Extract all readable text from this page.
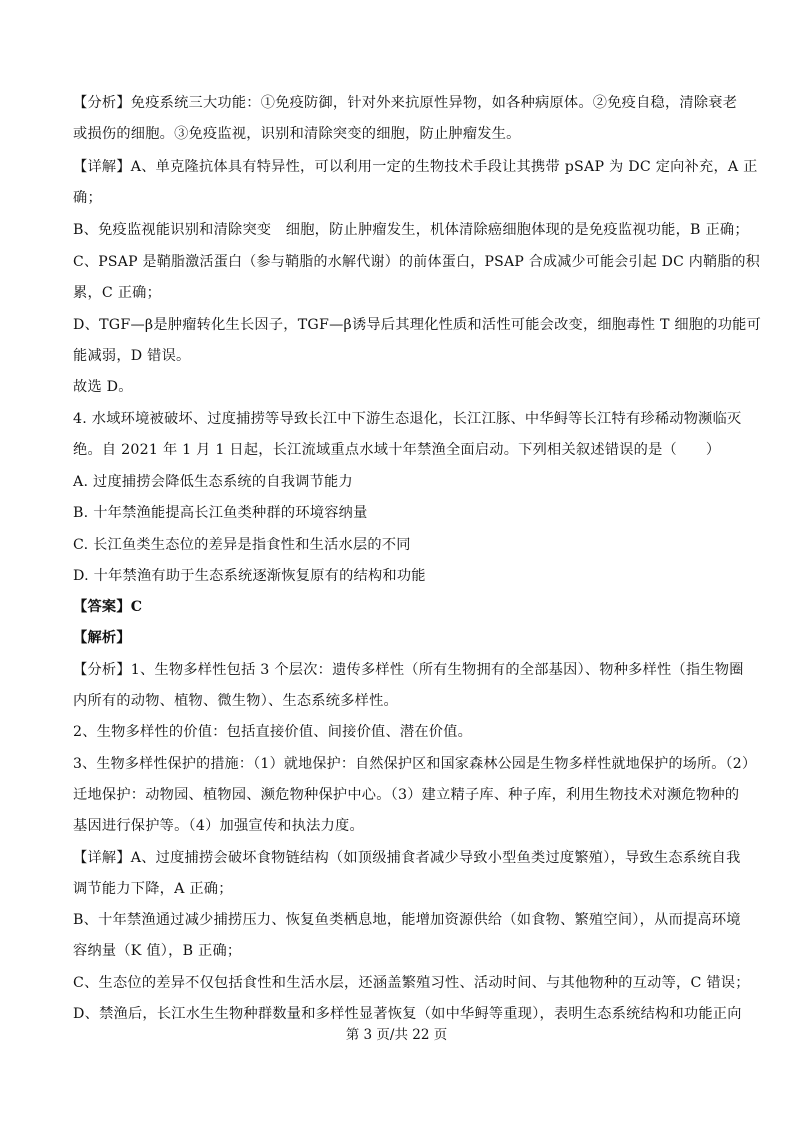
【分析】免疫系统三大功能：①免疫防御，针对外来抗原性异物，如各种病原体。②免疫自稳，清除衰老
或损伤的细胞。③免疫监视，识别和清除突变的细胞，防止肿瘤发生。
【详解】A、单克隆抗体具有特异性，可以利用一定的生物技术手段让其携带 pSAP 为 DC 定向补充，A 正
确；
B、免疫监视能识别和清除突变　细胞，防止肿瘤发生，机体清除癌细胞体现的是免疫监视功能，B 正确；
C、PSAP 是鞘脂激活蛋白（参与鞘脂的水解代谢）的前体蛋白，PSAP 合成减少可能会引起 DC 内鞘脂的积
累，C 正确；
D、TGF—β是肿瘤转化生长因子，TGF—β诱导后其理化性质和活性可能会改变，细胞毒性 T 细胞的功能可
能减弱，D 错误。
故选 D。
4. 水域环境被破坏、过度捕捞等导致长江中下游生态退化，长江江豚、中华鲟等长江特有珍稀动物濒临灭
绝。自 2021 年 1 月 1 日起，长江流域重点水域十年禁渔全面启动。下列相关叙述错误的是（　　）
A. 过度捕捞会降低生态系统的自我调节能力
B. 十年禁渔能提高长江鱼类种群的环境容纳量
C. 长江鱼类生态位的差异是指食性和生活水层的不同
D. 十年禁渔有助于生态系统逐渐恢复原有的结构和功能
【答案】C
【解析】
【分析】1、生物多样性包括 3 个层次：遗传多样性（所有生物拥有的全部基因）、物种多样性（指生物圈
内所有的动物、植物、微生物）、生态系统多样性。
2、生物多样性的价值：包括直接价值、间接价值、潜在价值。
3、生物多样性保护的措施：（1）就地保护：自然保护区和国家森林公园是生物多样性就地保护的场所。（2）
迁地保护：动物园、植物园、濒危物种保护中心。（3）建立精子库、种子库，利用生物技术对濒危物种的
基因进行保护等。（4）加强宣传和执法力度。
【详解】A、过度捕捞会破坏食物链结构（如顶级捕食者减少导致小型鱼类过度繁殖），导致生态系统自我
调节能力下降，A 正确；
B、十年禁渔通过减少捕捞压力、恢复鱼类栖息地，能增加资源供给（如食物、繁殖空间），从而提高环境
容纳量（K 值），B 正确；
C、生态位的差异不仅包括食性和生活水层，还涵盖繁殖习性、活动时间、与其他物种的互动等，C 错误；
D、禁渔后，长江水生生物种群数量和多样性显著恢复（如中华鲟等重现），表明生态系统结构和功能正向
第 3 页/共 22 页
